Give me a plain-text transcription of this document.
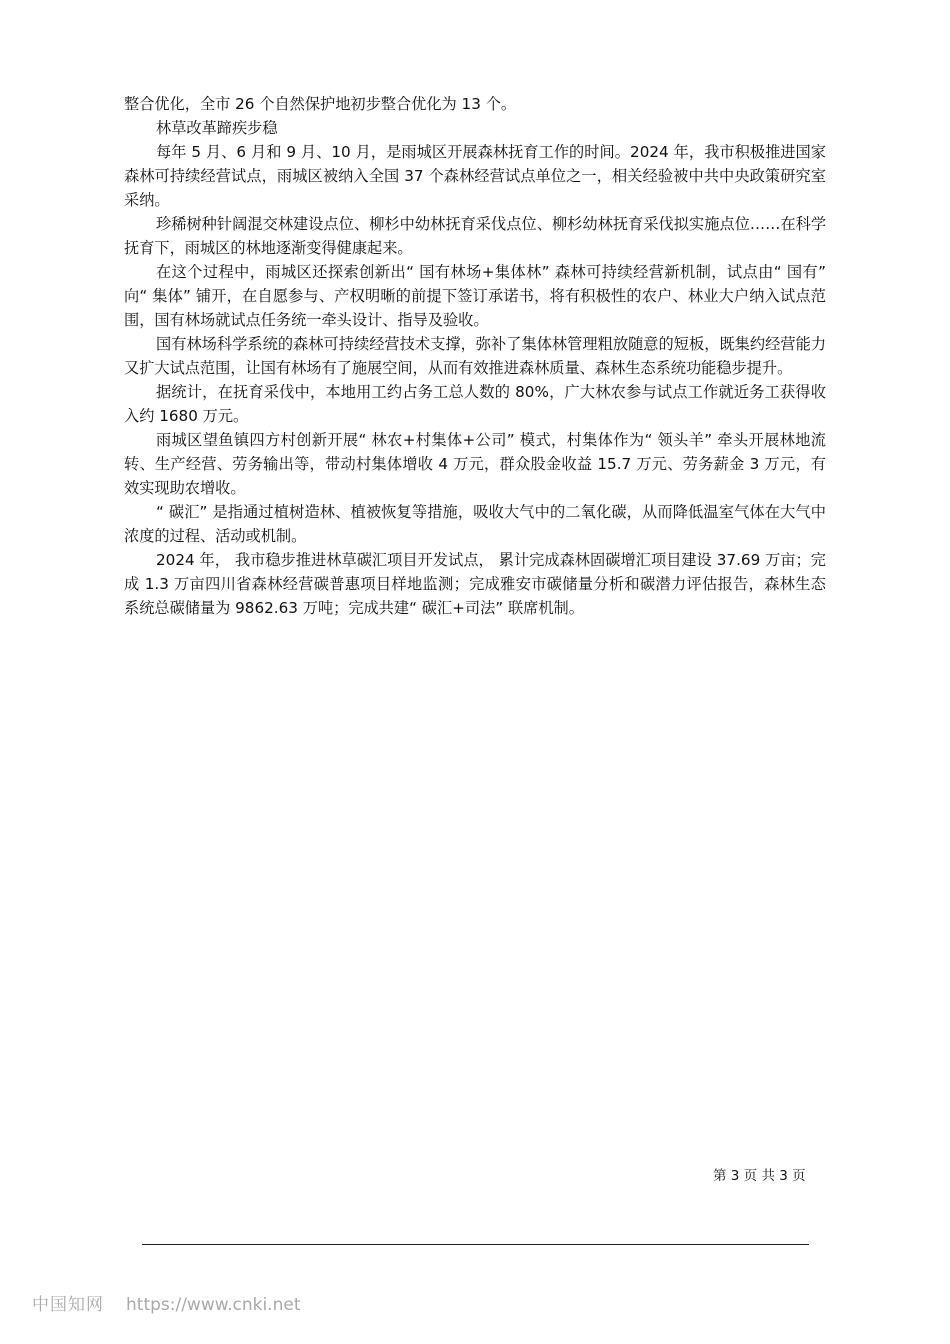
整合优化，全市 26 个自然保护地初步整合优化为 13 个。

林草改革蹄疾步稳

每年 5 月、6 月和 9 月、10 月，是雨城区开展森林抚育工作的时间。2024 年，我市积极推进国家森林可持续经营试点，雨城区被纳入全国 37 个森林经营试点单位之一，相关经验被中共中央政策研究室采纳。

珍稀树种针阔混交林建设点位、柳杉中幼林抚育采伐点位、柳杉幼林抚育采伐拟实施点位……在科学抚育下，雨城区的林地逐渐变得健康起来。

在这个过程中，雨城区还探索创新出“ 国有林场+集体林” 森林可持续经营新机制，试点由“ 国有” 向“ 集体” 铺开，在自愿参与、产权明晰的前提下签订承诺书，将有积极性的农户、林业大户纳入试点范围，国有林场就试点任务统一牵头设计、指导及验收。

国有林场科学系统的森林可持续经营技术支撑，弥补了集体林管理粗放随意的短板，既集约经营能力又扩大试点范围，让国有林场有了施展空间，从而有效推进森林质量、森林生态系统功能稳步提升。

据统计，在抚育采伐中，本地用工约占务工总人数的 80%，广大林农参与试点工作就近务工获得收入约 1680 万元。

雨城区望鱼镇四方村创新开展“ 林农+村集体+公司” 模式，村集体作为“ 领头羊” 牵头开展林地流转、生产经营、劳务输出等，带动村集体增收 4 万元，群众股金收益 15.7 万元、劳务薪金 3 万元，有效实现助农增收。

“ 碳汇” 是指通过植树造林、植被恢复等措施，吸收大气中的二氧化碳，从而降低温室气体在大气中浓度的过程、活动或机制。

2024 年， 我市稳步推进林草碳汇项目开发试点， 累计完成森林固碳增汇项目建设 37.69 万亩；完成 1.3 万亩四川省森林经营碳普惠项目样地监测；完成雅安市碳储量分析和碳潜力评估报告，森林生态系统总碳储量为 9862.63 万吨；完成共建“ 碳汇+司法” 联席机制。

第 3 页 共 3 页
中国知网 https://www.cnki.net
